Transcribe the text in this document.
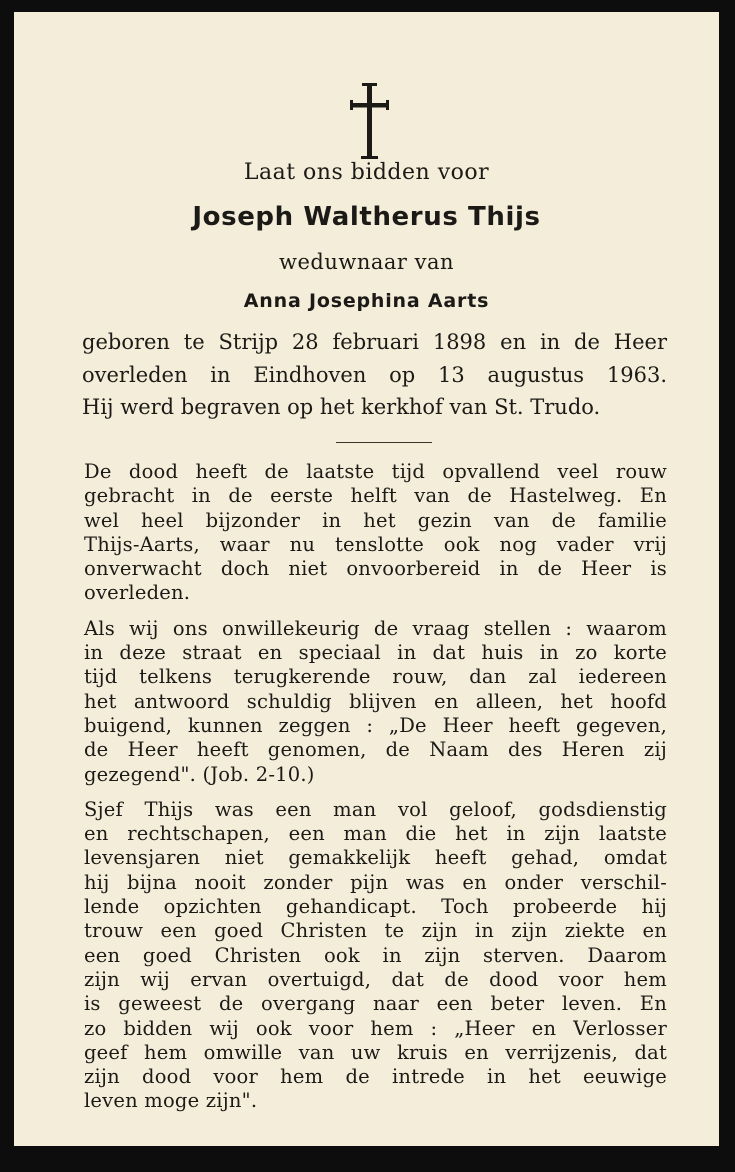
Laat ons bidden voor
Joseph Waltherus Thijs
weduwnaar van
Anna Josephina Aarts
geboren te Strijp 28 februari 1898 en in de Heer
overleden in Eindhoven op 13 augustus 1963.
Hij werd begraven op het kerkhof van St. Trudo.
De dood heeft de laatste tijd opvallend veel rouw
gebracht in de eerste helft van de Hastelweg. En
wel heel bijzonder in het gezin van de familie
Thijs-Aarts, waar nu tenslotte ook nog vader vrij
onverwacht doch niet onvoorbereid in de Heer is
overleden.
Als wij ons onwillekeurig de vraag stellen : waarom
in deze straat en speciaal in dat huis in zo korte
tijd telkens terugkerende rouw, dan zal iedereen
het antwoord schuldig blijven en alleen, het hoofd
buigend, kunnen zeggen : „De Heer heeft gegeven,
de Heer heeft genomen, de Naam des Heren zij
gezegend". (Job. 2-10.)
Sjef Thijs was een man vol geloof, godsdienstig
en rechtschapen, een man die het in zijn laatste
levensjaren niet gemakkelijk heeft gehad, omdat
hij bijna nooit zonder pijn was en onder verschil-
lende opzichten gehandicapt. Toch probeerde hij
trouw een goed Christen te zijn in zijn ziekte en
een goed Christen ook in zijn sterven. Daarom
zijn wij ervan overtuigd, dat de dood voor hem
is geweest de overgang naar een beter leven. En
zo bidden wij ook voor hem : „Heer en Verlosser
geef hem omwille van uw kruis en verrijzenis, dat
zijn dood voor hem de intrede in het eeuwige
leven moge zijn".
